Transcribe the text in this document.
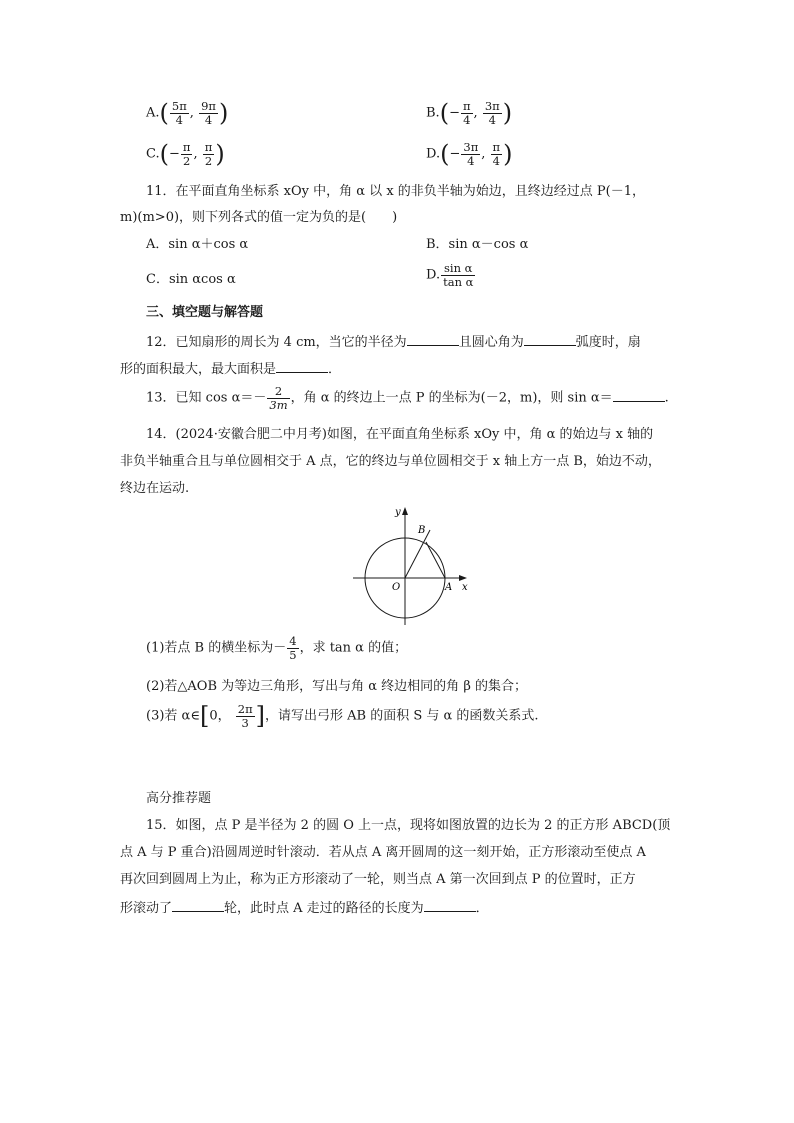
$A.( \frac{5\pi}{4}$ , $\frac{9\pi}{4}$ )	$B.(- \frac{\pi}{4}$ , $\frac{3\pi}{4}$ )
$C.(- \frac{\pi}{2}$ , $\frac{\pi}{2}$ )	$D.(- \frac{3\pi}{4}$ , $\frac{\pi}{4}$ )
11．在平面直角坐标系 xOy 中，角 α 以 x 的非负半轴为始边，且终边经过点 P(－1，
m)(m>0)，则下列各式的值一定为负的是(　　)
A．sin α＋cos α	B．sin α－cos α
C．sin αcos α	D. $\frac{\text{sin α}}{\text{tan α}}$
三、填空题与解答题
12．已知扇形的周长为 4 cm，当它的半径为	且圆心角为	弧度时，扇
形的面积最大，最大面积是	．
13．已知 $\cos \alpha=- \frac{2}{3m}$ ，角 α 的终边上一点 P 的坐标为(－2，m)，则 sin α＝	.
14．(2024·安徽合肥二中月考)如图，在平面直角坐标系 xOy 中，角 α 的始边与 x 轴的
非负半轴重合且与单位圆相交于 A 点，它的终边与单位圆相交于 x 轴上方一点 B，始边不动，
终边在运动.
y
B
O	A x
(1)若点 B 的横坐标为－ $\frac{4}{5}$ ，求 tan α 的值；
(2)若△AOB 为等边三角形，写出与角 α 终边相同的角 β 的集合；
(3)若 α∈[0， $\frac{2\pi}{3}$ ]，请写出弓形 AB 的面积 S 与 α 的函数关系式.
高分推荐题
15．如图，点 P 是半径为 2 的圆 O 上一点，现将如图放置的边长为 2 的正方形 ABCD(顶
点 A 与 P 重合)沿圆周逆时针滚动．若从点 A 离开圆周的这一刻开始，正方形滚动至使点 A
再次回到圆周上为止，称为正方形滚动了一轮，则当点 A 第一次回到点 P 的位置时，正方
形滚动了	轮，此时点 A 走过的路径的长度为	．
